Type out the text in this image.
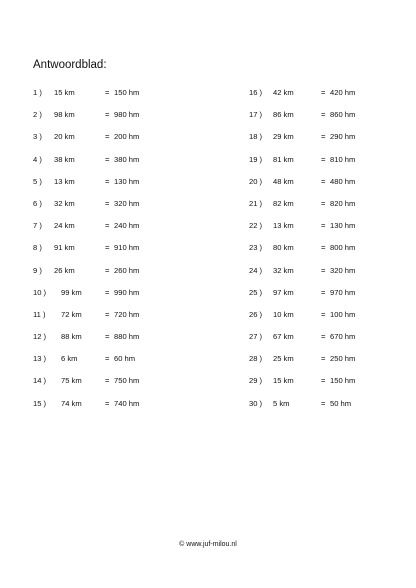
Antwoordblad:
1 ) 15 km	= 150 hm
2 ) 98 km	= 980 hm
3 ) 20 km	= 200 hm
4 ) 38 km	= 380 hm
5 ) 13 km	= 130 hm
6 ) 32 km	= 320 hm
7 ) 24 km	= 240 hm
8 ) 91 km	= 910 hm
9 ) 26 km	= 260 hm
10 ) 99 km	= 990 hm
11 ) 72 km	= 720 hm
12 ) 88 km	= 880 hm
13 ) 6 km	= 60 hm
14 ) 75 km	= 750 hm
15 ) 74 km	= 740 hm
16 ) 42 km	= 420 hm
17 ) 86 km	= 860 hm
18 ) 29 km	= 290 hm
19 ) 81 km	= 810 hm
20 ) 48 km	= 480 hm
21 ) 82 km	= 820 hm
22 ) 13 km	= 130 hm
23 ) 80 km	= 800 hm
24 ) 32 km	= 320 hm
25 ) 97 km	= 970 hm
26 ) 10 km	= 100 hm
27 ) 67 km	= 670 hm
28 ) 25 km	= 250 hm
29 ) 15 km	= 150 hm
30 ) 5 km	= 50 hm
© www.juf-milou.nl
